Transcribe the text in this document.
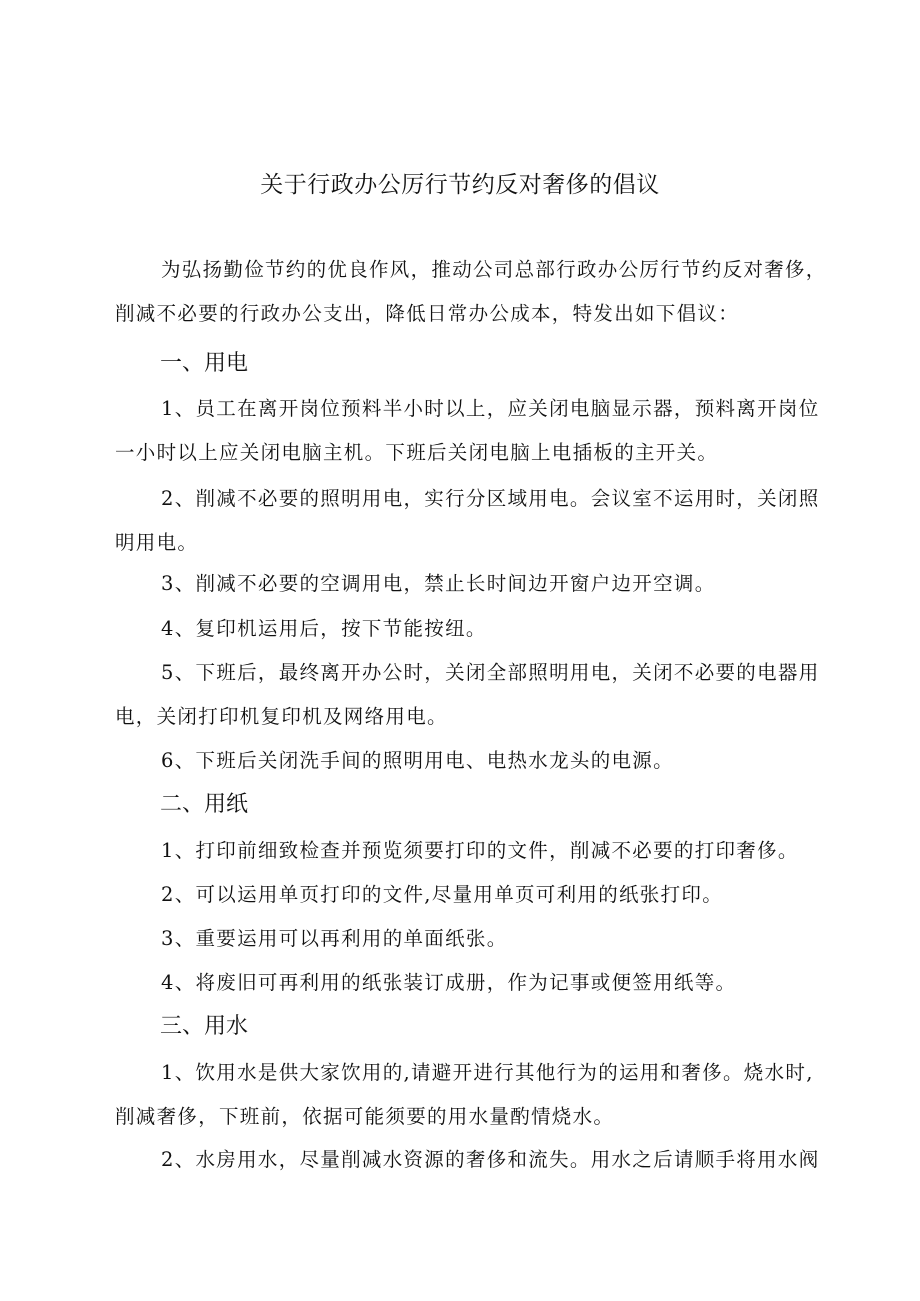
关于行政办公厉行节约反对奢侈的倡议

为弘扬勤俭节约的优良作风，推动公司总部行政办公厉行节约反对奢侈，
削减不必要的行政办公支出，降低日常办公成本，特发出如下倡议：

一、用电

1、员工在离开岗位预料半小时以上，应关闭电脑显示器，预料离开岗位
一小时以上应关闭电脑主机。下班后关闭电脑上电插板的主开关。

2、削减不必要的照明用电，实行分区域用电。会议室不运用时，关闭照
明用电。

3、削减不必要的空调用电，禁止长时间边开窗户边开空调。

4、复印机运用后，按下节能按纽。

5、下班后，最终离开办公时，关闭全部照明用电，关闭不必要的电器用
电，关闭打印机复印机及网络用电。

6、下班后关闭洗手间的照明用电、电热水龙头的电源。

二、用纸

1、打印前细致检查并预览须要打印的文件，削减不必要的打印奢侈。

2、可以运用单页打印的文件,尽量用单页可利用的纸张打印。

3、重要运用可以再利用的单面纸张。

4、将废旧可再利用的纸张装订成册，作为记事或便签用纸等。

三、用水

1、饮用水是供大家饮用的,请避开进行其他行为的运用和奢侈。烧水时,
削减奢侈，下班前，依据可能须要的用水量酌情烧水。

2、水房用水，尽量削减水资源的奢侈和流失。用水之后请顺手将用水阀
